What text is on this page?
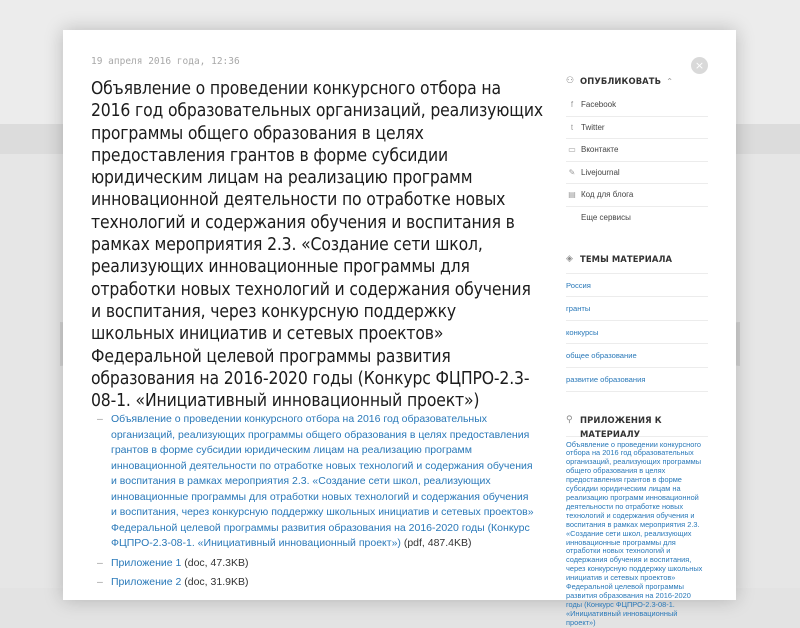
×
19 апреля 2016 года, 12:36
Объявление о проведении конкурсного отбора на 2016 год образовательных организаций, реализующих программы общего образования в целях предоставления грантов в форме субсидии юридическим лицам на реализацию программ инновационной деятельности по отработке новых технологий и содержания обучения и воспитания в рамках мероприятия 2.3. «Создание сети школ, реализующих инновационные программы для отработки новых технологий и содержания обучения и воспитания, через конкурсную поддержку школьных инициатив и сетевых проектов» Федеральной целевой программы развития образования на 2016-2020 годы (Конкурс ФЦПРО-2.3-08-1. «Инициативный инновационный проект»)
– Объявление о проведении конкурсного отбора на 2016 год образовательных организаций, реализующих программы общего образования в целях предоставления грантов в форме субсидии юридическим лицам на реализацию программ инновационной деятельности по отработке новых технологий и содержания обучения и воспитания в рамках мероприятия 2.3. «Создание сети школ, реализующих инновационные программы для отработки новых технологий и содержания обучения и воспитания, через конкурсную поддержку школьных инициатив и сетевых проектов» Федеральной целевой программы развития образования на 2016-2020 годы (Конкурс ФЦПРО-2.3-08-1. «Инициативный инновационный проект») (pdf, 487.4KB)
– Приложение 1 (doc, 47.3KB)
– Приложение 2 (doc, 31.9KB)
⚇ ОПУБЛИКОВАТЬ ⌃
f Facebook
t Twitter
▭ Вконтакте
✎ Livejournal
▤ Код для блога
Еще сервисы
◈ ТЕМЫ МАТЕРИАЛА
Россия
гранты
конкурсы
общее образование
развитие образования
⚲ ПРИЛОЖЕНИЯ К МАТЕРИАЛУ
Объявление о проведении конкурсного отбора на 2016 год образовательных организаций, реализующих программы общего образования в целях предоставления грантов в форме субсидии юридическим лицам на реализацию программ инновационной деятельности по отработке новых технологий и содержания обучения и воспитания в рамках мероприятия 2.3. «Создание сети школ, реализующих инновационные программы для отработки новых технологий и содержания обучения и воспитания, через конкурсную поддержку школьных инициатив и сетевых проектов» Федеральной целевой программы развития образования на 2016-2020 годы (Конкурс ФЦПРО-2.3-08-1. «Инициативный инновационный проект»)
